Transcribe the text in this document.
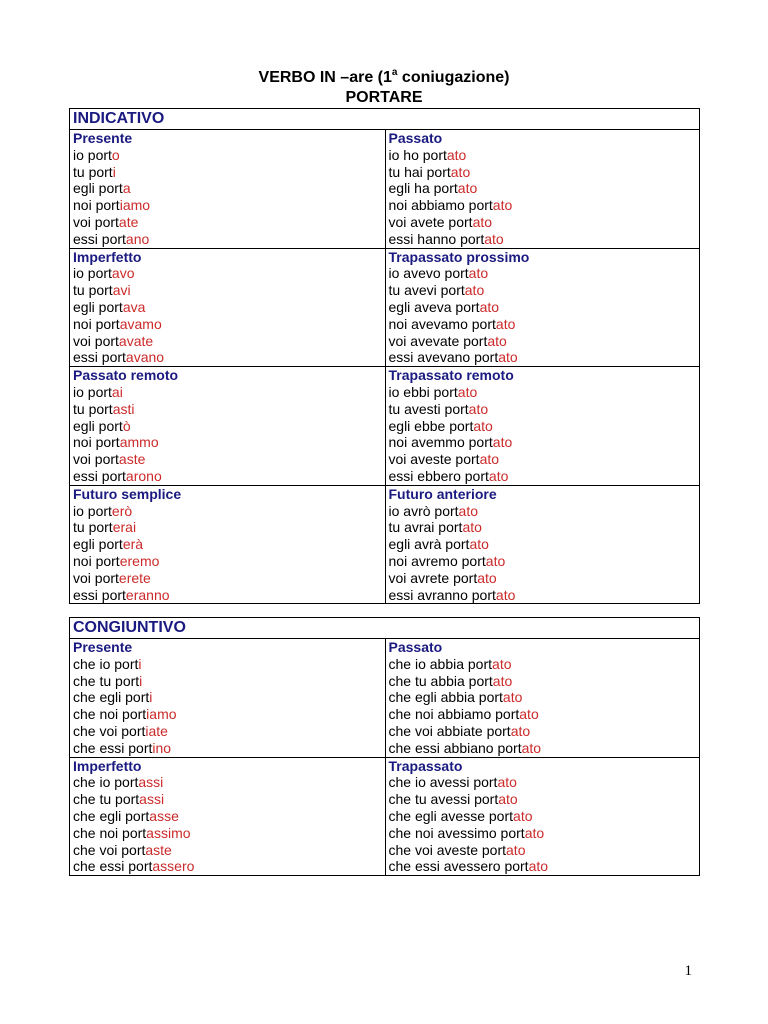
VERBO IN –are (1$^a$ coniugazione)
PORTARE
INDICATIVO
Presente
io porto
tu porti
egli porta
noi portiamo
voi portate
essi portano
Passato
io ho portato
tu hai portato
egli ha portato
noi abbiamo portato
voi avete portato
essi hanno portato
Imperfetto
io portavo
tu portavi
egli portava
noi portavamo
voi portavate
essi portavano
Trapassato prossimo
io avevo portato
tu avevi portato
egli aveva portato
noi avevamo portato
voi avevate portato
essi avevano portato
Passato remoto
io portai
tu portasti
egli portò
noi portammo
voi portaste
essi portarono
Trapassato remoto
io ebbi portato
tu avesti portato
egli ebbe portato
noi avemmo portato
voi aveste portato
essi ebbero portato
Futuro semplice
io porterò
tu porterai
egli porterà
noi porteremo
voi porterete
essi porteranno
Futuro anteriore
io avrò portato
tu avrai portato
egli avrà portato
noi avremo portato
voi avrete portato
essi avranno portato
CONGIUNTIVO
Presente
che io porti
che tu porti
che egli porti
che noi portiamo
che voi portiate
che essi portino
Passato
che io abbia portato
che tu abbia portato
che egli abbia portato
che noi abbiamo portato
che voi abbiate portato
che essi abbiano portato
Imperfetto
che io portassi
che tu portassi
che egli portasse
che noi portassimo
che voi portaste
che essi portassero
Trapassato
che io avessi portato
che tu avessi portato
che egli avesse portato
che noi avessimo portato
che voi aveste portato
che essi avessero portato
1
